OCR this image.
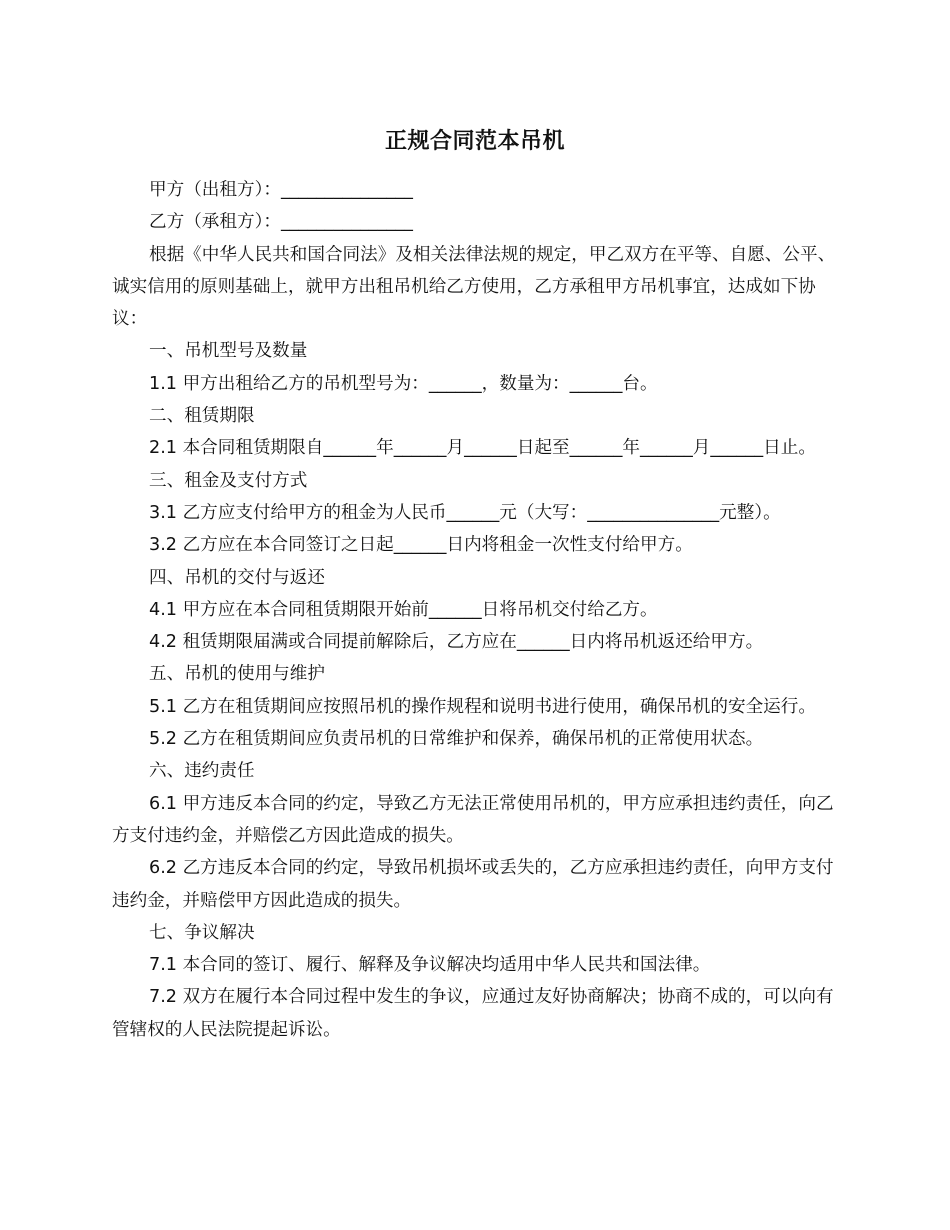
正规合同范本吊机

甲方（出租方）：_______________

乙方（承租方）：_______________

根据《中华人民共和国合同法》及相关法律法规的规定，甲乙双方在平等、自愿、公平、诚实信用的原则基础上，就甲方出租吊机给乙方使用，乙方承租甲方吊机事宜，达成如下协议：

一、吊机型号及数量

1.1 甲方出租给乙方的吊机型号为：______，数量为：______台。

二、租赁期限

2.1 本合同租赁期限自______年______月______日起至______年______月______日止。

三、租金及支付方式

3.1 乙方应支付给甲方的租金为人民币______元（大写：_______________元整）。

3.2 乙方应在本合同签订之日起______日内将租金一次性支付给甲方。

四、吊机的交付与返还

4.1 甲方应在本合同租赁期限开始前______日将吊机交付给乙方。

4.2 租赁期限届满或合同提前解除后，乙方应在______日内将吊机返还给甲方。

五、吊机的使用与维护

5.1 乙方在租赁期间应按照吊机的操作规程和说明书进行使用，确保吊机的安全运行。

5.2 乙方在租赁期间应负责吊机的日常维护和保养，确保吊机的正常使用状态。

六、违约责任

6.1 甲方违反本合同的约定，导致乙方无法正常使用吊机的，甲方应承担违约责任，向乙方支付违约金，并赔偿乙方因此造成的损失。

6.2 乙方违反本合同的约定，导致吊机损坏或丢失的，乙方应承担违约责任，向甲方支付违约金，并赔偿甲方因此造成的损失。

七、争议解决

7.1 本合同的签订、履行、解释及争议解决均适用中华人民共和国法律。

7.2 双方在履行本合同过程中发生的争议，应通过友好协商解决；协商不成的，可以向有管辖权的人民法院提起诉讼。
